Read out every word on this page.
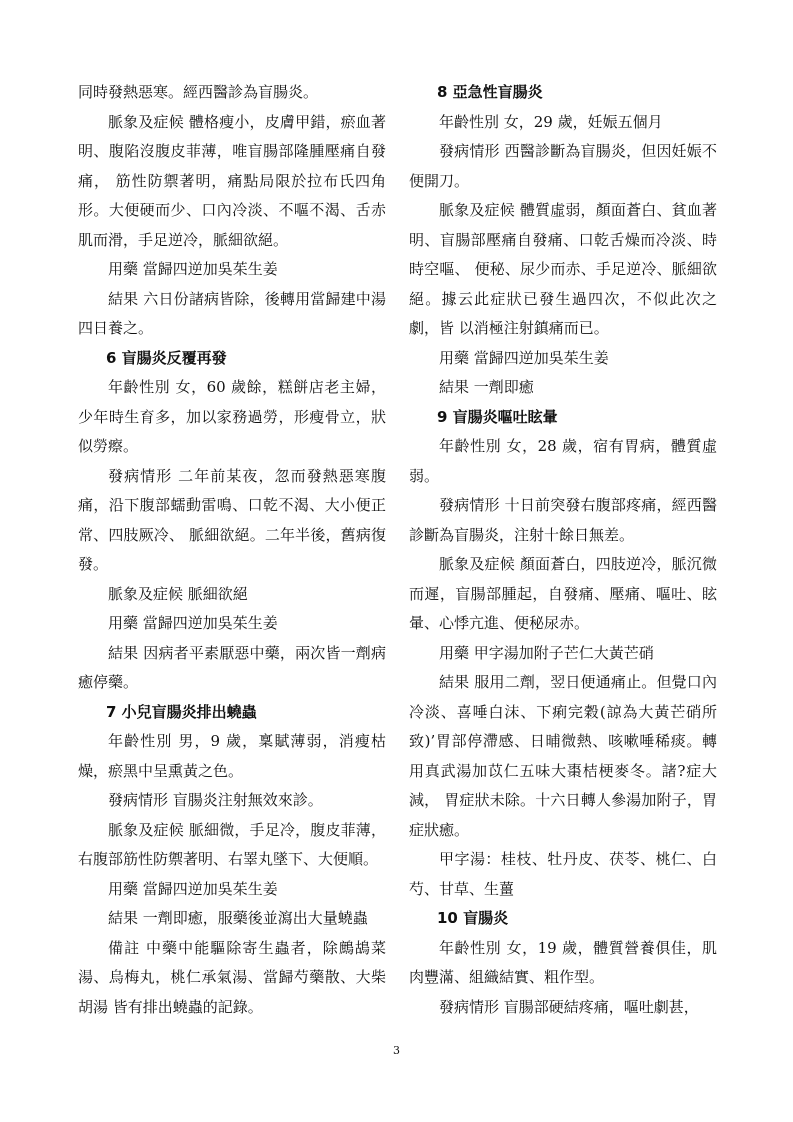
同時發熱惡寒。經西醫診為盲腸炎。
脈象及症候 體格瘦小，皮膚甲錯，瘀血著明、腹陷沒腹皮菲薄，唯盲腸部隆腫壓痛自發痛， 筋性防禦著明，痛點局限於拉布氏四角形。大便硬而少、口內冷淡、不嘔不渴、舌赤肌而滑，手足逆冷，脈細欲絕。
用藥 當歸四逆加吳茱生姜
結果 六日份諸病皆除，後轉用當歸建中湯四日養之。
6 盲腸炎反覆再發
年齡性別 女，60 歲餘，糕餅店老主婦，少年時生育多，加以家務過勞，形瘦骨立，狀似勞瘵。
發病情形 二年前某夜，忽而發熱惡寒腹痛，沿下腹部蠕動雷鳴、口乾不渴、大小便正常、四肢厥冷、 脈細欲絕。二年半後，舊病復發。
脈象及症候 脈細欲絕
用藥 當歸四逆加吳茱生姜
結果 因病者平素厭惡中藥，兩次皆一劑病癒停藥。
7 小兒盲腸炎排出蟯蟲
年齡性別 男，9 歲，稟賦薄弱，消瘦枯燥，瘀黑中呈熏黃之色。
發病情形 盲腸炎注射無效來診。
脈象及症候 脈細微，手足冷，腹皮菲薄，右腹部筋性防禦著明、右睪丸墜下、大便順。
用藥 當歸四逆加吳茱生姜
結果 一劑即癒，服藥後並瀉出大量蟯蟲
備註 中藥中能驅除寄生蟲者，除鷓鴣菜湯、烏梅丸，桃仁承氣湯、當歸芍藥散、大柴胡湯 皆有排出蟯蟲的記錄。
8 亞急性盲腸炎
年齡性別 女，29 歲，妊娠五個月
發病情形 西醫診斷為盲腸炎，但因妊娠不便開刀。
脈象及症候 體質虛弱，顏面蒼白、貧血著明、盲腸部壓痛自發痛、口乾舌燥而冷淡、時時空嘔、 便秘、尿少而赤、手足逆冷、脈細欲絕。據云此症狀已發生過四次，不似此次之劇，皆 以消極注射鎮痛而已。
用藥 當歸四逆加吳茱生姜
結果 一劑即癒
9 盲腸炎嘔吐眩暈
年齡性別 女，28 歲，宿有胃病，體質虛弱。
發病情形 十日前突發右腹部疼痛，經西醫診斷為盲腸炎，注射十餘日無差。
脈象及症候 顏面蒼白，四肢逆冷，脈沉微而遲，盲腸部腫起，自發痛、壓痛、嘔吐、眩暈、心悸亢進、便秘尿赤。
用藥 甲字湯加附子芒仁大黃芒硝
結果 服用二劑，翌日便通痛止。但覺口內冷淡、喜唾白沫、下痢完穀(諒為大黃芒硝所致)’胃部停滯感、日晡微熱、咳嗽唾稀痰。轉用真武湯加苡仁五味大棗桔梗麥冬。諸?症大減， 胃症狀未除。十六日轉人參湯加附子，胃症狀癒。
甲字湯：桂枝、牡丹皮、茯苓、桃仁、白芍、甘草、生薑
10 盲腸炎
年齡性別 女，19 歲，體質營養俱佳，肌肉豐滿、組織結實、粗作型。
發病情形 盲腸部硬結疼痛，嘔吐劇甚，
3
